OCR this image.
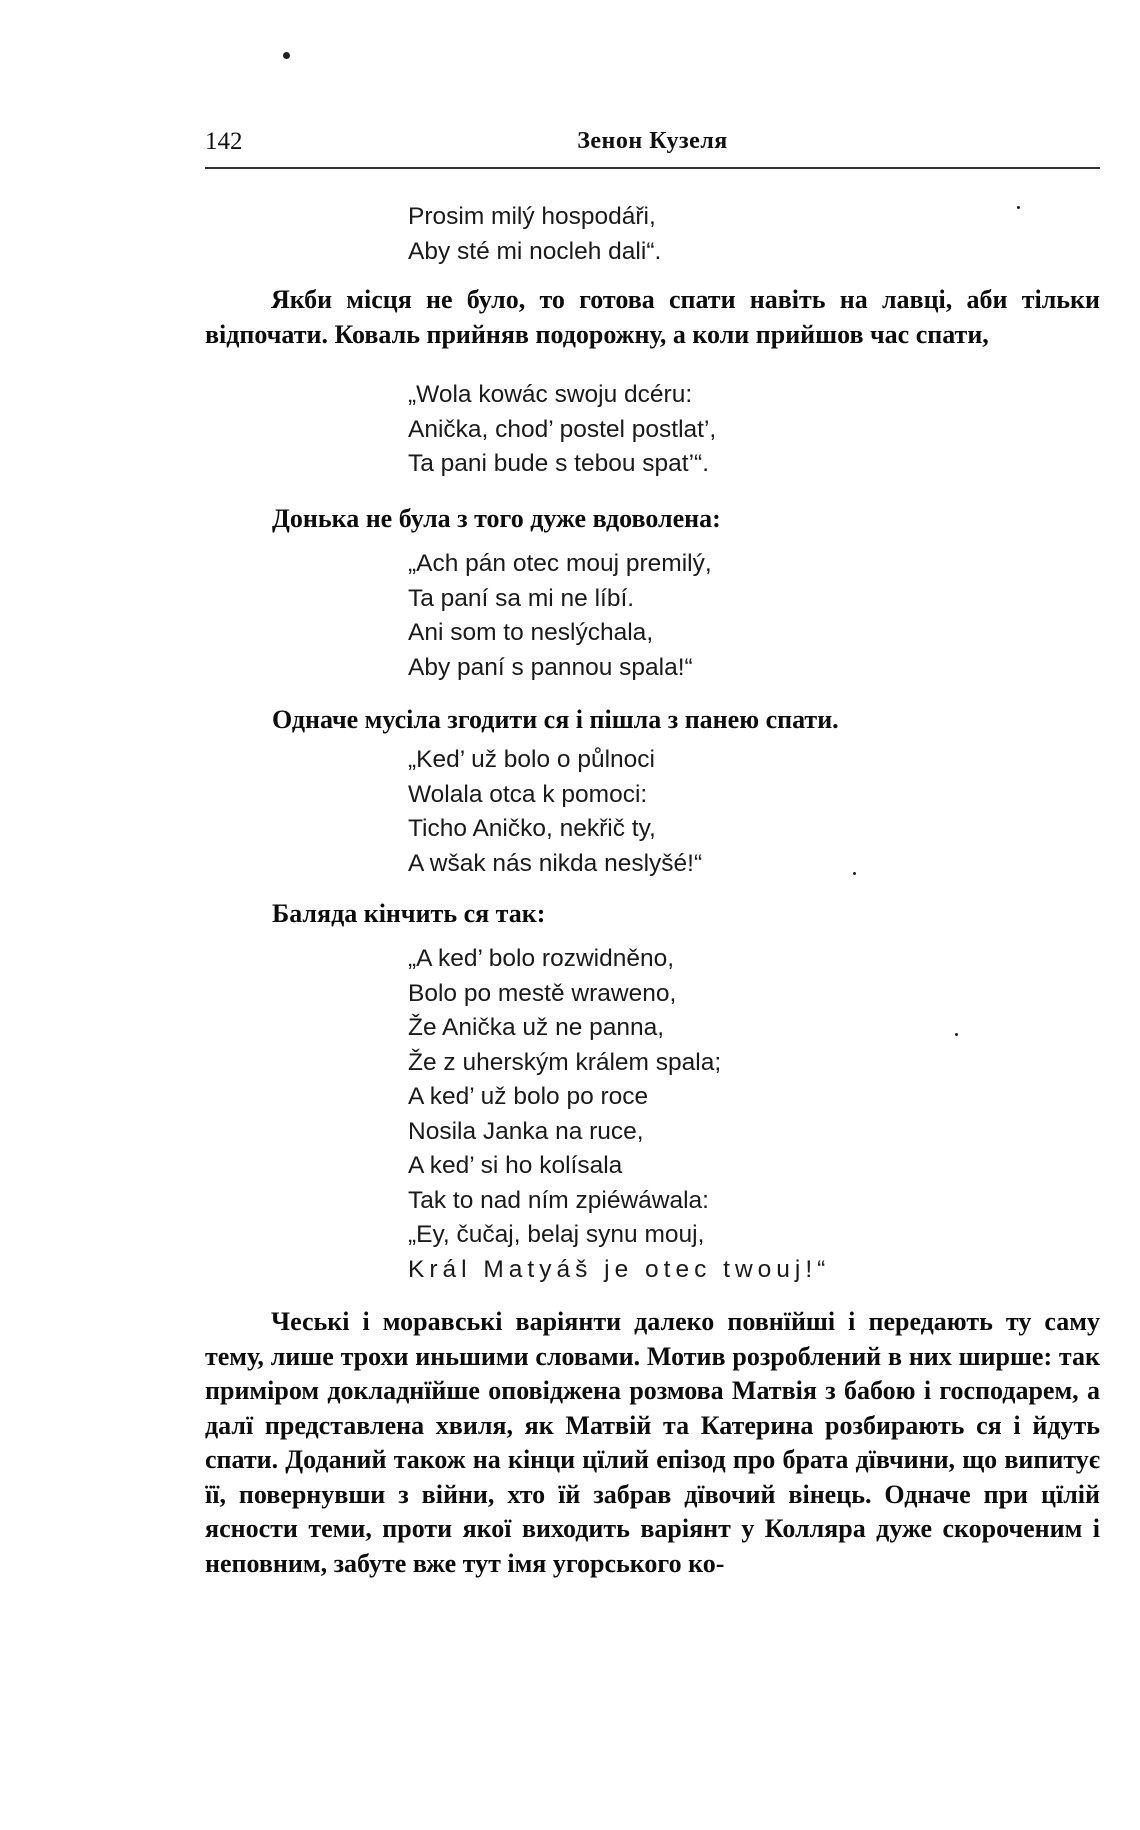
142	Зенон Кузеля
Prosim milý hospodáři,
Aby sté mi nocleh dali“.
Якби місця не було, то готова спати навіть на лавці, аби тільки відпочати. Коваль прийняв подорожну, а коли прийшов час спати,
„Wola kowác swoju dcéru:
Anička, chod’ postel postlat’,
Ta pani bude s tebou spat’“.
Донька не була з того дуже вдоволена:
„Ach pán otec mouj premilý,
Ta paní sa mi ne líbí.
Ani som to neslýchala,
Aby paní s pannou spala!“
Одначе мусіла згодити ся і пішла з панею спати.
„Ked’ už bolo o půlnoci
Wolala otca k pomoci:
Ticho Aničko, nekřič ty,
A wšak nás nikda neslyšé!“
Баляда кінчить ся так:
„A ked’ bolo rozwidněno,
Bolo po mestě wraweno,
Že Anička už ne panna,
Že z uherským králem spala;
A ked’ už bolo po roce
Nosila Janka na ruce,
A ked’ si ho kolísala
Tak to nad ním zpiéwáwala:
„Ey, čučaj, belaj synu mouj,
Král Matyáš je otec twouj!“
Чеські і моравські варіянти далеко повнїйші і передають ту саму тему, лише трохи иньшими словами. Мотив розроблений в них ширше: так приміром докладнїйше оповіджена розмова Матвія з бабою і господарем, а далї представлена хвиля, як Матвій та Катерина розбирають ся і йдуть спати. Доданий також на кінци цїлий епізод про брата дївчини, що випитує її, повернувши з війни, хто їй забрав дївочий вінець. Одначе при цїлій ясности теми, проти якої виходить варіянт у Колляра дуже скороченим і неповним, забуте вже тут імя угорського ко-
